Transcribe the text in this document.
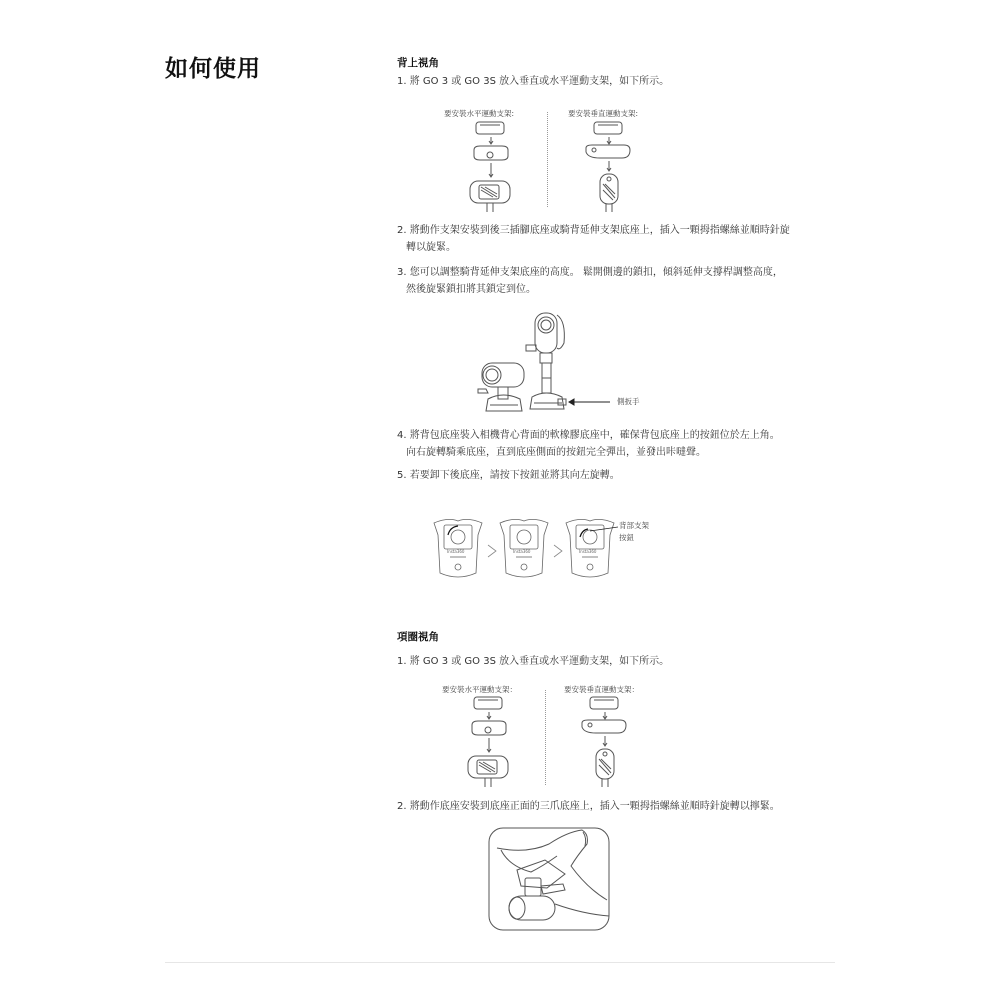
如何使用	背上視角
1. 將 GO 3 或 GO 3S 放入垂直或水平運動支架，如下所示。
要安裝水平運動支架:	要安裝垂直運動支架:
2. 將動作支架安裝到後三插腳底座或騎背延伸支架底座上，插入一顆拇指螺絲並順時針旋
轉以旋緊。
3. 您可以調整騎背延伸支架底座的高度。 鬆開側邊的鎖扣，傾斜延伸支撐桿調整高度，
然後旋緊鎖扣將其鎖定到位。
側扳手
4. 將背包底座裝入相機背心背面的軟橡膠底座中，確保背包底座上的按鈕位於左上角。
向右旋轉騎乘底座，直到底座側面的按鈕完全彈出，並發出咔噠聲。
5. 若要卸下後底座，請按下按鈕並將其向左旋轉。
Insta360	Insta360	Insta360
背部支架
按鈕
項圈視角
1. 將 GO 3 或 GO 3S 放入垂直或水平運動支架，如下所示。
要安裝水平運動支架：	要安裝垂直運動支架：
2. 將動作底座安裝到底座正面的三爪底座上，插入一顆拇指螺絲並順時針旋轉以擰緊。
